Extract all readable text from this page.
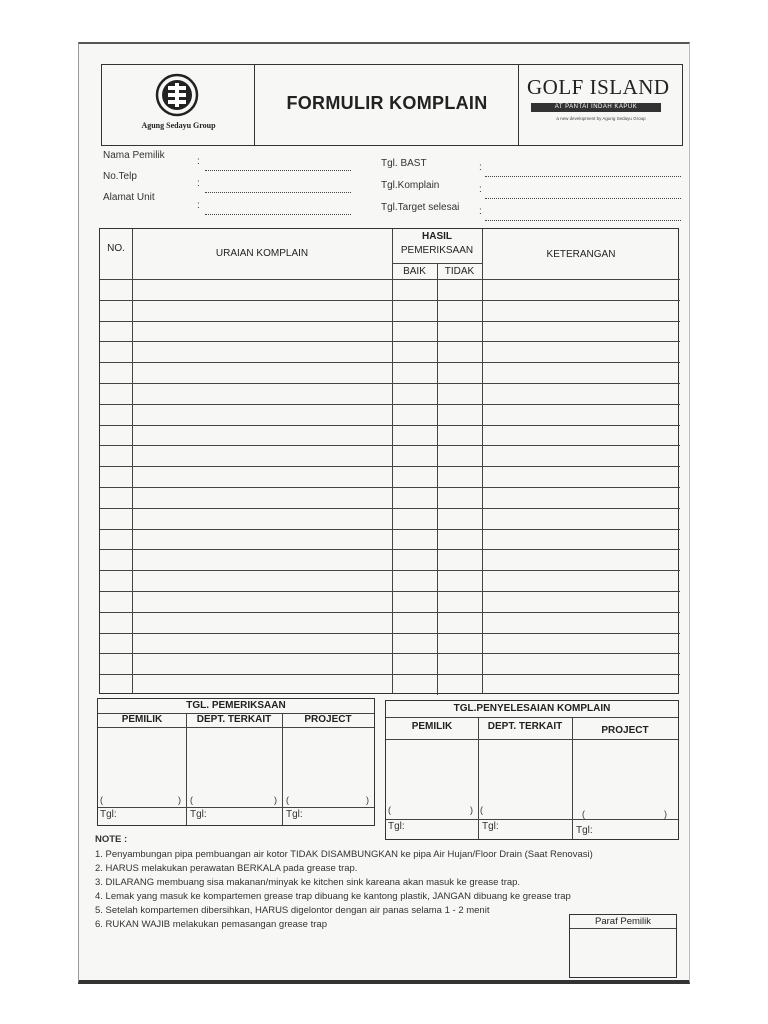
Agung Sedayu Group
FORMULIR KOMPLAIN
GOLF ISLAND
AT PANTAI INDAH KAPUK
a new development by Agung Sedayu Group
Nama Pemilik
:
No.Telp
:
Alamat Unit
:
Tgl. BAST	:
Tgl.Komplain	:
Tgl.Target selesai :
NO.	URAIAN KOMPLAIN
HASIL
PEMERIKSAAN
BAIK	TIDAK
KETERANGAN
TGL. PEMERIKSAAN
PEMILIK	DEPT. TERKAIT	PROJECT
(	) (	) (	)
Tgl:	Tgl:	Tgl:
TGL.PENYELESAIAN KOMPLAIN
PEMILIK	DEPT. TERKAIT	PROJECT
(	) (	(	)
Tgl:	Tgl:	Tgl:
NOTE :
1. Penyambungan pipa pembuangan air kotor TIDAK DISAMBUNGKAN ke pipa Air Hujan/Floor Drain (Saat Renovasi)
2. HARUS melakukan perawatan BERKALA pada grease trap.
3. DILARANG membuang sisa makanan/minyak ke kitchen sink kareana akan masuk ke grease trap.
4. Lemak yang masuk ke kompartemen grease trap dibuang ke kantong plastik, JANGAN dibuang ke grease trap
5. Setelah kompartemen dibersihkan, HARUS digelontor dengan air panas selama 1 - 2 menit
6. RUKAN WAJIB melakukan pemasangan grease trap	Paraf Pemilik
